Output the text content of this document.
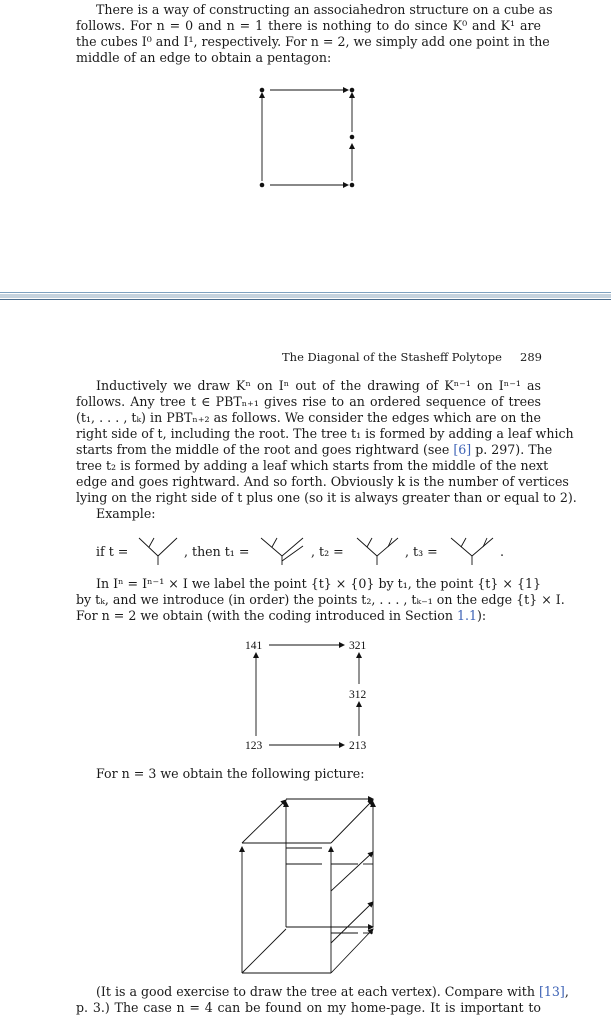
There is a way of constructing an associahedron structure on a cube as
follows. For n = 0 and n = 1 there is nothing to do since K⁰ and K¹ are
the cubes I⁰ and I¹, respectively. For n = 2, we simply add one point in the
middle of an edge to obtain a pentagon:
The Diagonal of the Stasheff Polytope 289
Inductively we draw Kⁿ on Iⁿ out of the drawing of Kⁿ⁻¹ on Iⁿ⁻¹ as
follows. Any tree t ∈ PBTₙ₊₁ gives rise to an ordered sequence of trees
(t₁, . . . , tₖ) in PBTₙ₊₂ as follows. We consider the edges which are on the
right side of t, including the root. The tree t₁ is formed by adding a leaf which
starts from the middle of the root and goes rightward (see [6] p. 297). The
tree t₂ is formed by adding a leaf which starts from the middle of the next
edge and goes rightward. And so forth. Obviously k is the number of vertices
lying on the right side of t plus one (so it is always greater than or equal to 2).
Example:
if t =	, then t₁ =	, t₂ =	, t₃ =	.
In Iⁿ = Iⁿ⁻¹ × I we label the point {t} × {0} by t₁, the point {t} × {1}
by tₖ, and we introduce (in order) the points t₂, . . . , tₖ₋₁ on the edge {t} × I.
For n = 2 we obtain (with the coding introduced in Section 1.1):
141	321
312
123	213
For n = 3 we obtain the following picture:
(It is a good exercise to draw the tree at each vertex). Compare with [13],
p. 3.) The case n = 4 can be found on my home-page. It is important to
